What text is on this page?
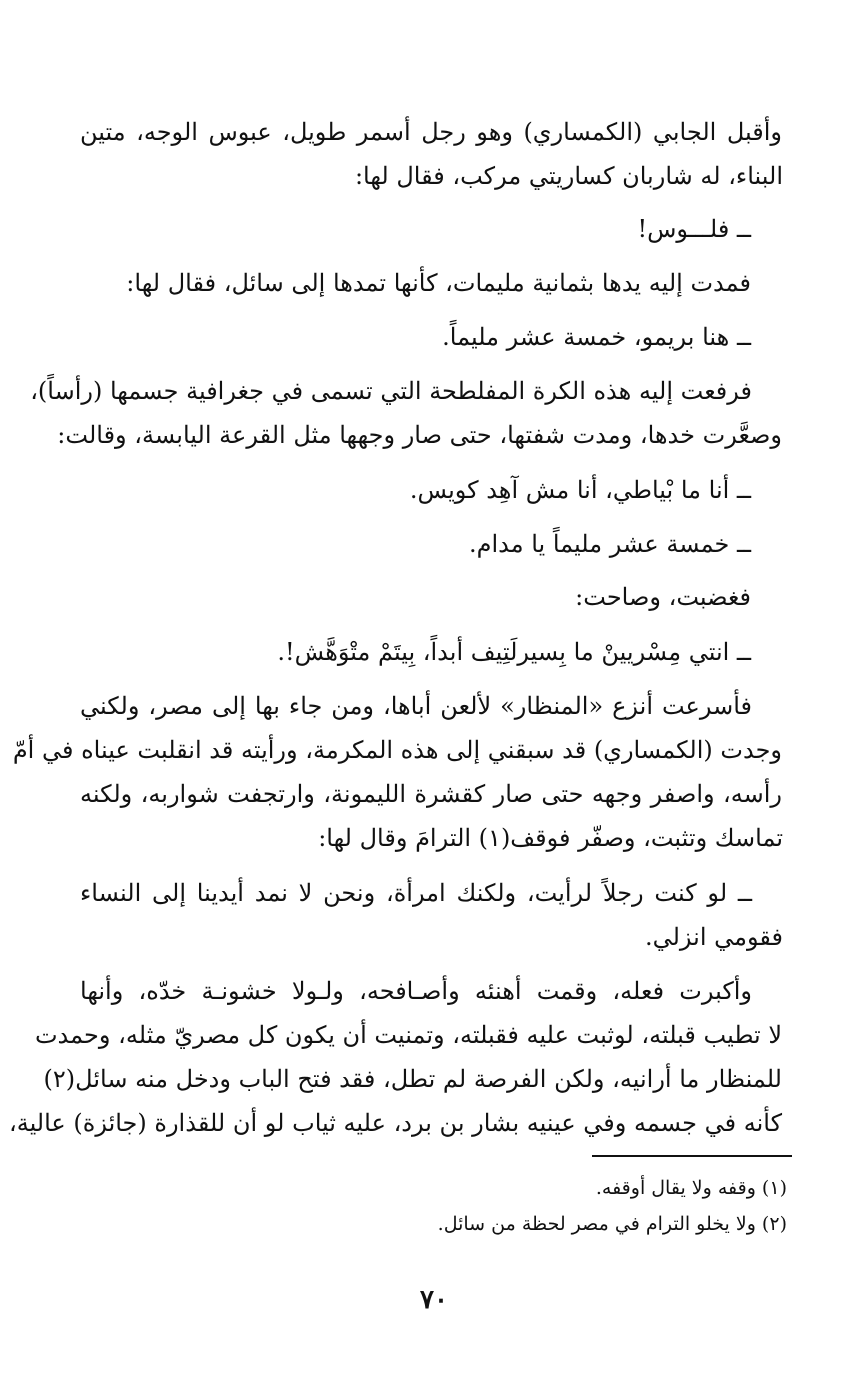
وأقبل الجابي (الكمساري) وهو رجل أسمر طويل، عبوس الوجه، متين
البناء، له شاربان كساريتي مركب، فقال لها:
ــ فلـــوس!
فمدت إليه يدها بثمانية مليمات، كأنها تمدها إلى سائل، فقال لها:
ــ هنا بريمو، خمسة عشر مليماً.
فرفعت إليه هذه الكرة المفلطحة التي تسمى في جغرافية جسمها (رأساً)،
وصعَّرت خدها، ومدت شفتها، حتى صار وجهها مثل القرعة اليابسة، وقالت:
ــ أنا ما بْياطي، أنا مش آهِد كويس.
ــ خمسة عشر مليماً يا مدام.
فغضبت، وصاحت:
ــ انتي مِسْريينْ ما بِسيرلَتِيف أبداً، بِيتَمْ متْوَهَّش!.
فأسرعت أنزع «المنظار» لألعن أباها، ومن جاء بها إلى مصر، ولكني
وجدت (الكمساري) قد سبقني إلى هذه المكرمة، ورأيته قد انقلبت عيناه في أمّ
رأسه، واصفر وجهه حتى صار كقشرة الليمونة، وارتجفت شواربه، ولكنه
تماسك وتثبت، وصفّر فوقف(١) الترامَ وقال لها:
ــ لو كنت رجلاً لرأيت، ولكنك امرأة، ونحن لا نمد أيدينا إلى النساء
فقومي انزلي.
وأكبرت فعله، وقمت أهنئه وأصـافحه، ولـولا خشونـة خدّه، وأنها
لا تطيب قبلته، لوثبت عليه فقبلته، وتمنيت أن يكون كل مصريّ مثله، وحمدت
للمنظار ما أرانيه، ولكن الفرصة لم تطل، فقد فتح الباب ودخل منه سائل(٢)
كأنه في جسمه وفي عينيه بشار بن برد، عليه ثياب لو أن للقذارة (جائزة) عالية،
(١) وقفه ولا يقال أوقفه.
(٢) ولا يخلو الترام في مصر لحظة من سائل.
٧٠
